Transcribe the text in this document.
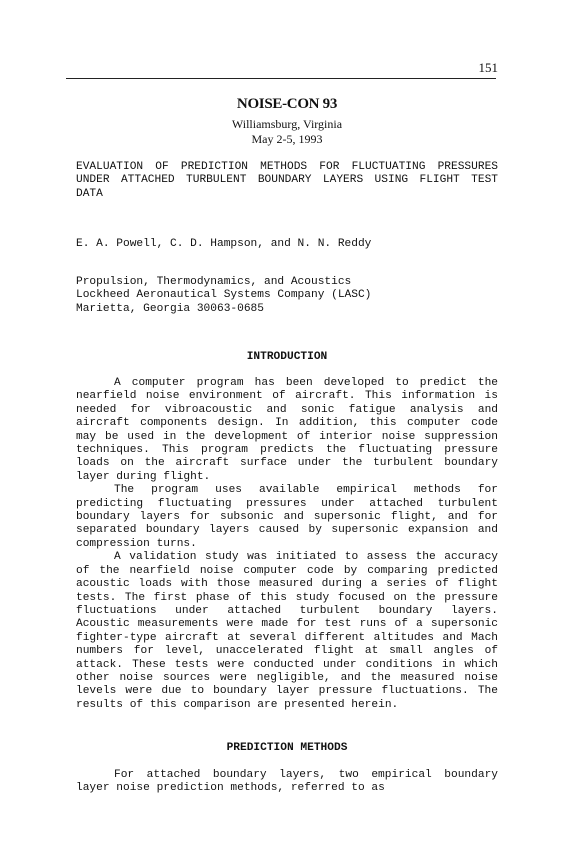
151
NOISE-CON 93
Williamsburg, Virginia
May 2-5, 1993
EVALUATION OF PREDICTION METHODS FOR FLUCTUATING PRESSURES UNDER ATTACHED TURBULENT BOUNDARY LAYERS USING FLIGHT TEST DATA
E. A. Powell, C. D. Hampson, and N. N. Reddy
Propulsion, Thermodynamics, and Acoustics
Lockheed Aeronautical Systems Company (LASC)
Marietta, Georgia 30063-0685
INTRODUCTION

A computer program has been developed to predict the nearfield noise environment of aircraft. This information is needed for vibroacoustic and sonic fatigue analysis and aircraft components design. In addition, this computer code may be used in the development of interior noise suppression techniques. This program predicts the fluctuating pressure loads on the aircraft surface under the turbulent boundary layer during flight.

The program uses available empirical methods for predicting fluctuating pressures under attached turbulent boundary layers for subsonic and supersonic flight, and for separated boundary layers caused by supersonic expansion and compression turns.

A validation study was initiated to assess the accuracy of the nearfield noise computer code by comparing predicted acoustic loads with those measured during a series of flight tests. The first phase of this study focused on the pressure fluctuations under attached turbulent boundary layers. Acoustic measurements were made for test runs of a supersonic fighter-type aircraft at several different altitudes and Mach numbers for level, unaccelerated flight at small angles of attack. These tests were conducted under conditions in which other noise sources were negligible, and the measured noise levels were due to boundary layer pressure fluctuations. The results of this comparison are presented herein.

PREDICTION METHODS

For attached boundary layers, two empirical boundary layer noise prediction methods, referred to as
